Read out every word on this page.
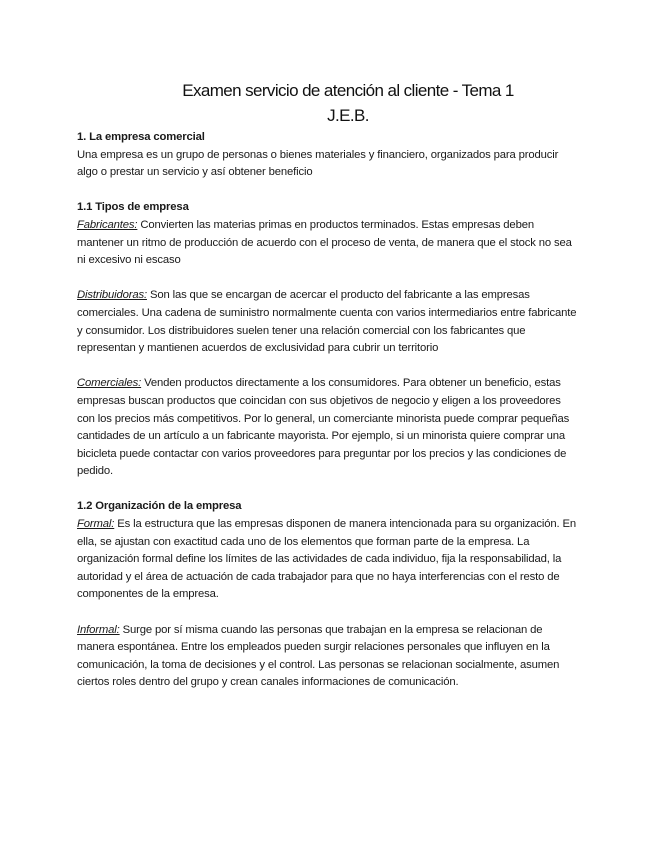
Examen servicio de atención al cliente - Tema 1
J.E.B.

1. La empresa comercial

Una empresa es un grupo de personas o bienes materiales y financiero, organizados para producir algo o prestar un servicio y así obtener beneficio

1.1 Tipos de empresa

Fabricantes: Convierten las materias primas en productos terminados. Estas empresas deben mantener un ritmo de producción de acuerdo con el proceso de venta, de manera que el stock no sea ni excesivo ni escaso

Distribuidoras: Son las que se encargan de acercar el producto del fabricante a las empresas comerciales. Una cadena de suministro normalmente cuenta con varios intermediarios entre fabricante y consumidor. Los distribuidores suelen tener una relación comercial con los fabricantes que representan y mantienen acuerdos de exclusividad para cubrir un territorio

Comerciales: Venden productos directamente a los consumidores. Para obtener un beneficio, estas empresas buscan productos que coincidan con sus objetivos de negocio y eligen a los proveedores con los precios más competitivos. Por lo general, un comerciante minorista puede comprar pequeñas cantidades de un artículo a un fabricante mayorista. Por ejemplo, si un minorista quiere comprar una bicicleta puede contactar con varios proveedores para preguntar por los precios y las condiciones de pedido.

1.2 Organización de la empresa

Formal: Es la estructura que las empresas disponen de manera intencionada para su organización. En ella, se ajustan con exactitud cada uno de los elementos que forman parte de la empresa. La organización formal define los límites de las actividades de cada individuo, fija la responsabilidad, la autoridad y el área de actuación de cada trabajador para que no haya interferencias con el resto de componentes de la empresa.

Informal: Surge por sí misma cuando las personas que trabajan en la empresa se relacionan de manera espontánea. Entre los empleados pueden surgir relaciones personales que influyen en la comunicación, la toma de decisiones y el control. Las personas se relacionan socialmente, asumen ciertos roles dentro del grupo y crean canales informaciones de comunicación.
